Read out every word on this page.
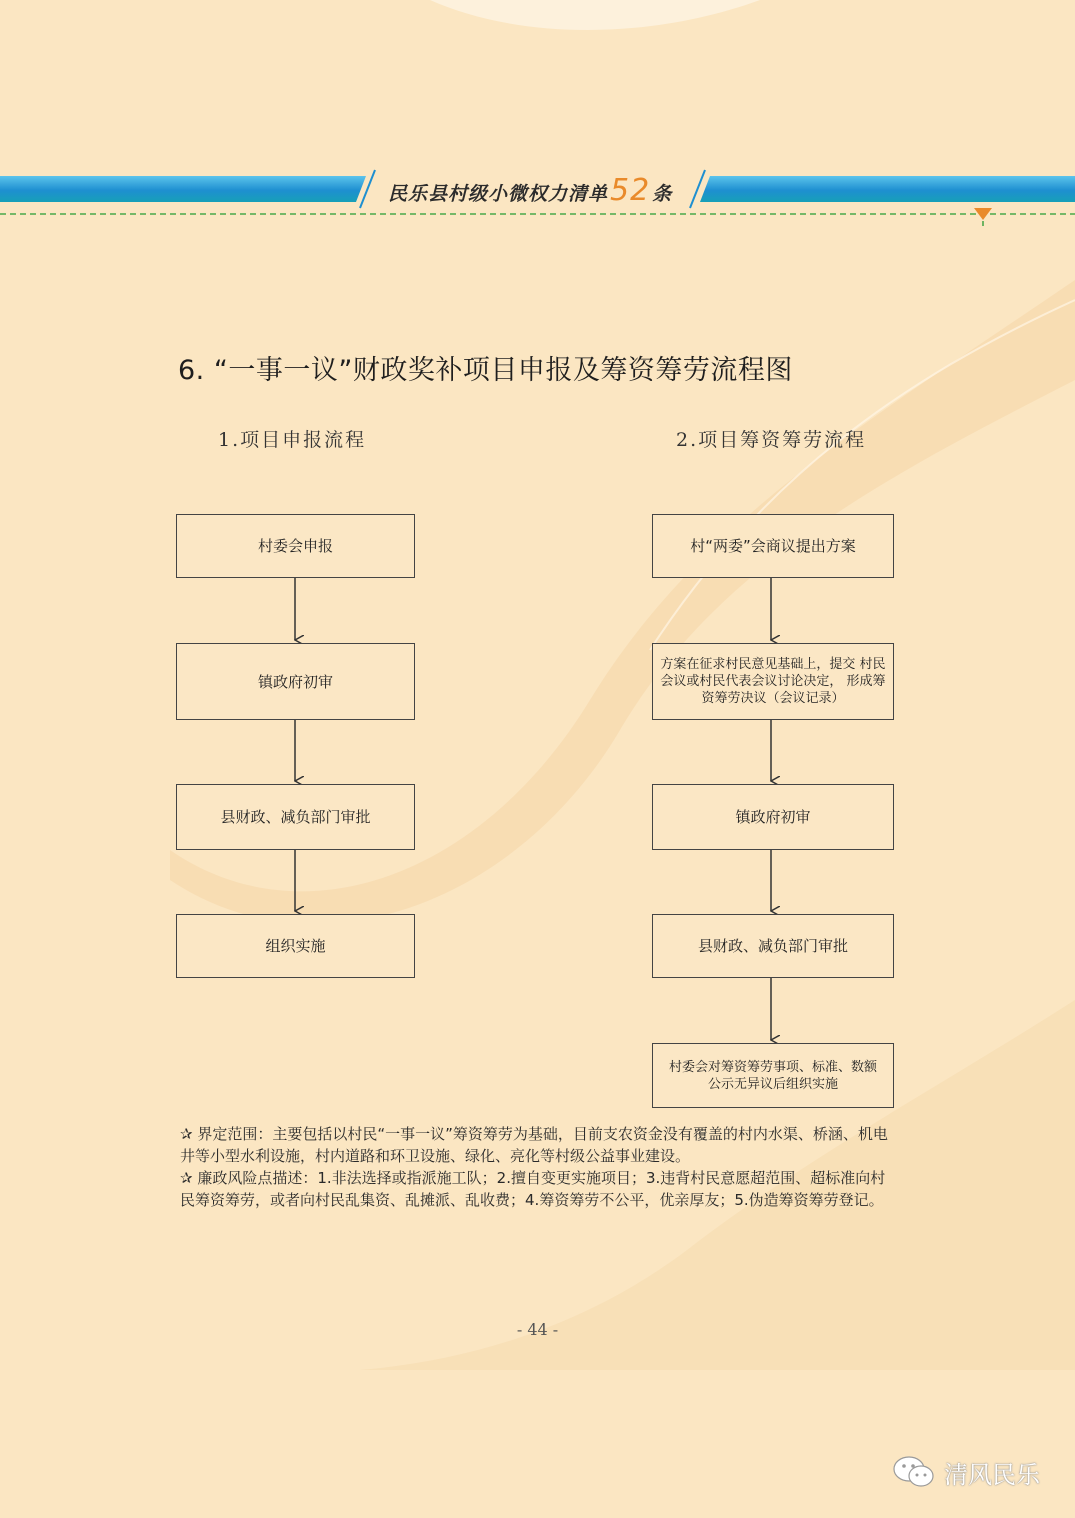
民乐县村级小微权力清单 52 条
6. “一事一议”财政奖补项目申报及筹资筹劳流程图
1.项目申报流程	2.项目筹资筹劳流程
村委会申报
镇政府初审
县财政、减负部门审批
组织实施
村“两委”会商议提出方案
方案在征求村民意见基础上，提交 村民会议或村民代表会议讨论决定， 形成筹资筹劳决议（会议记录）
镇政府初审
县财政、减负部门审批
村委会对筹资筹劳事项、标准、数额公示无异议后组织实施

✰ 界定范围：主要包括以村民“一事一议”筹资筹劳为基础，目前支农资金没有覆盖的村内水渠、桥涵、机电井等小型水利设施，村内道路和环卫设施、绿化、亮化等村级公益事业建设。

✰ 廉政风险点描述：1.非法选择或指派施工队；2.擅自变更实施项目；3.违背村民意愿超范围、超标准向村民筹资筹劳，或者向村民乱集资、乱摊派、乱收费；4.筹资筹劳不公平，优亲厚友；5.伪造筹资筹劳登记。

- 44 -
清风民乐
